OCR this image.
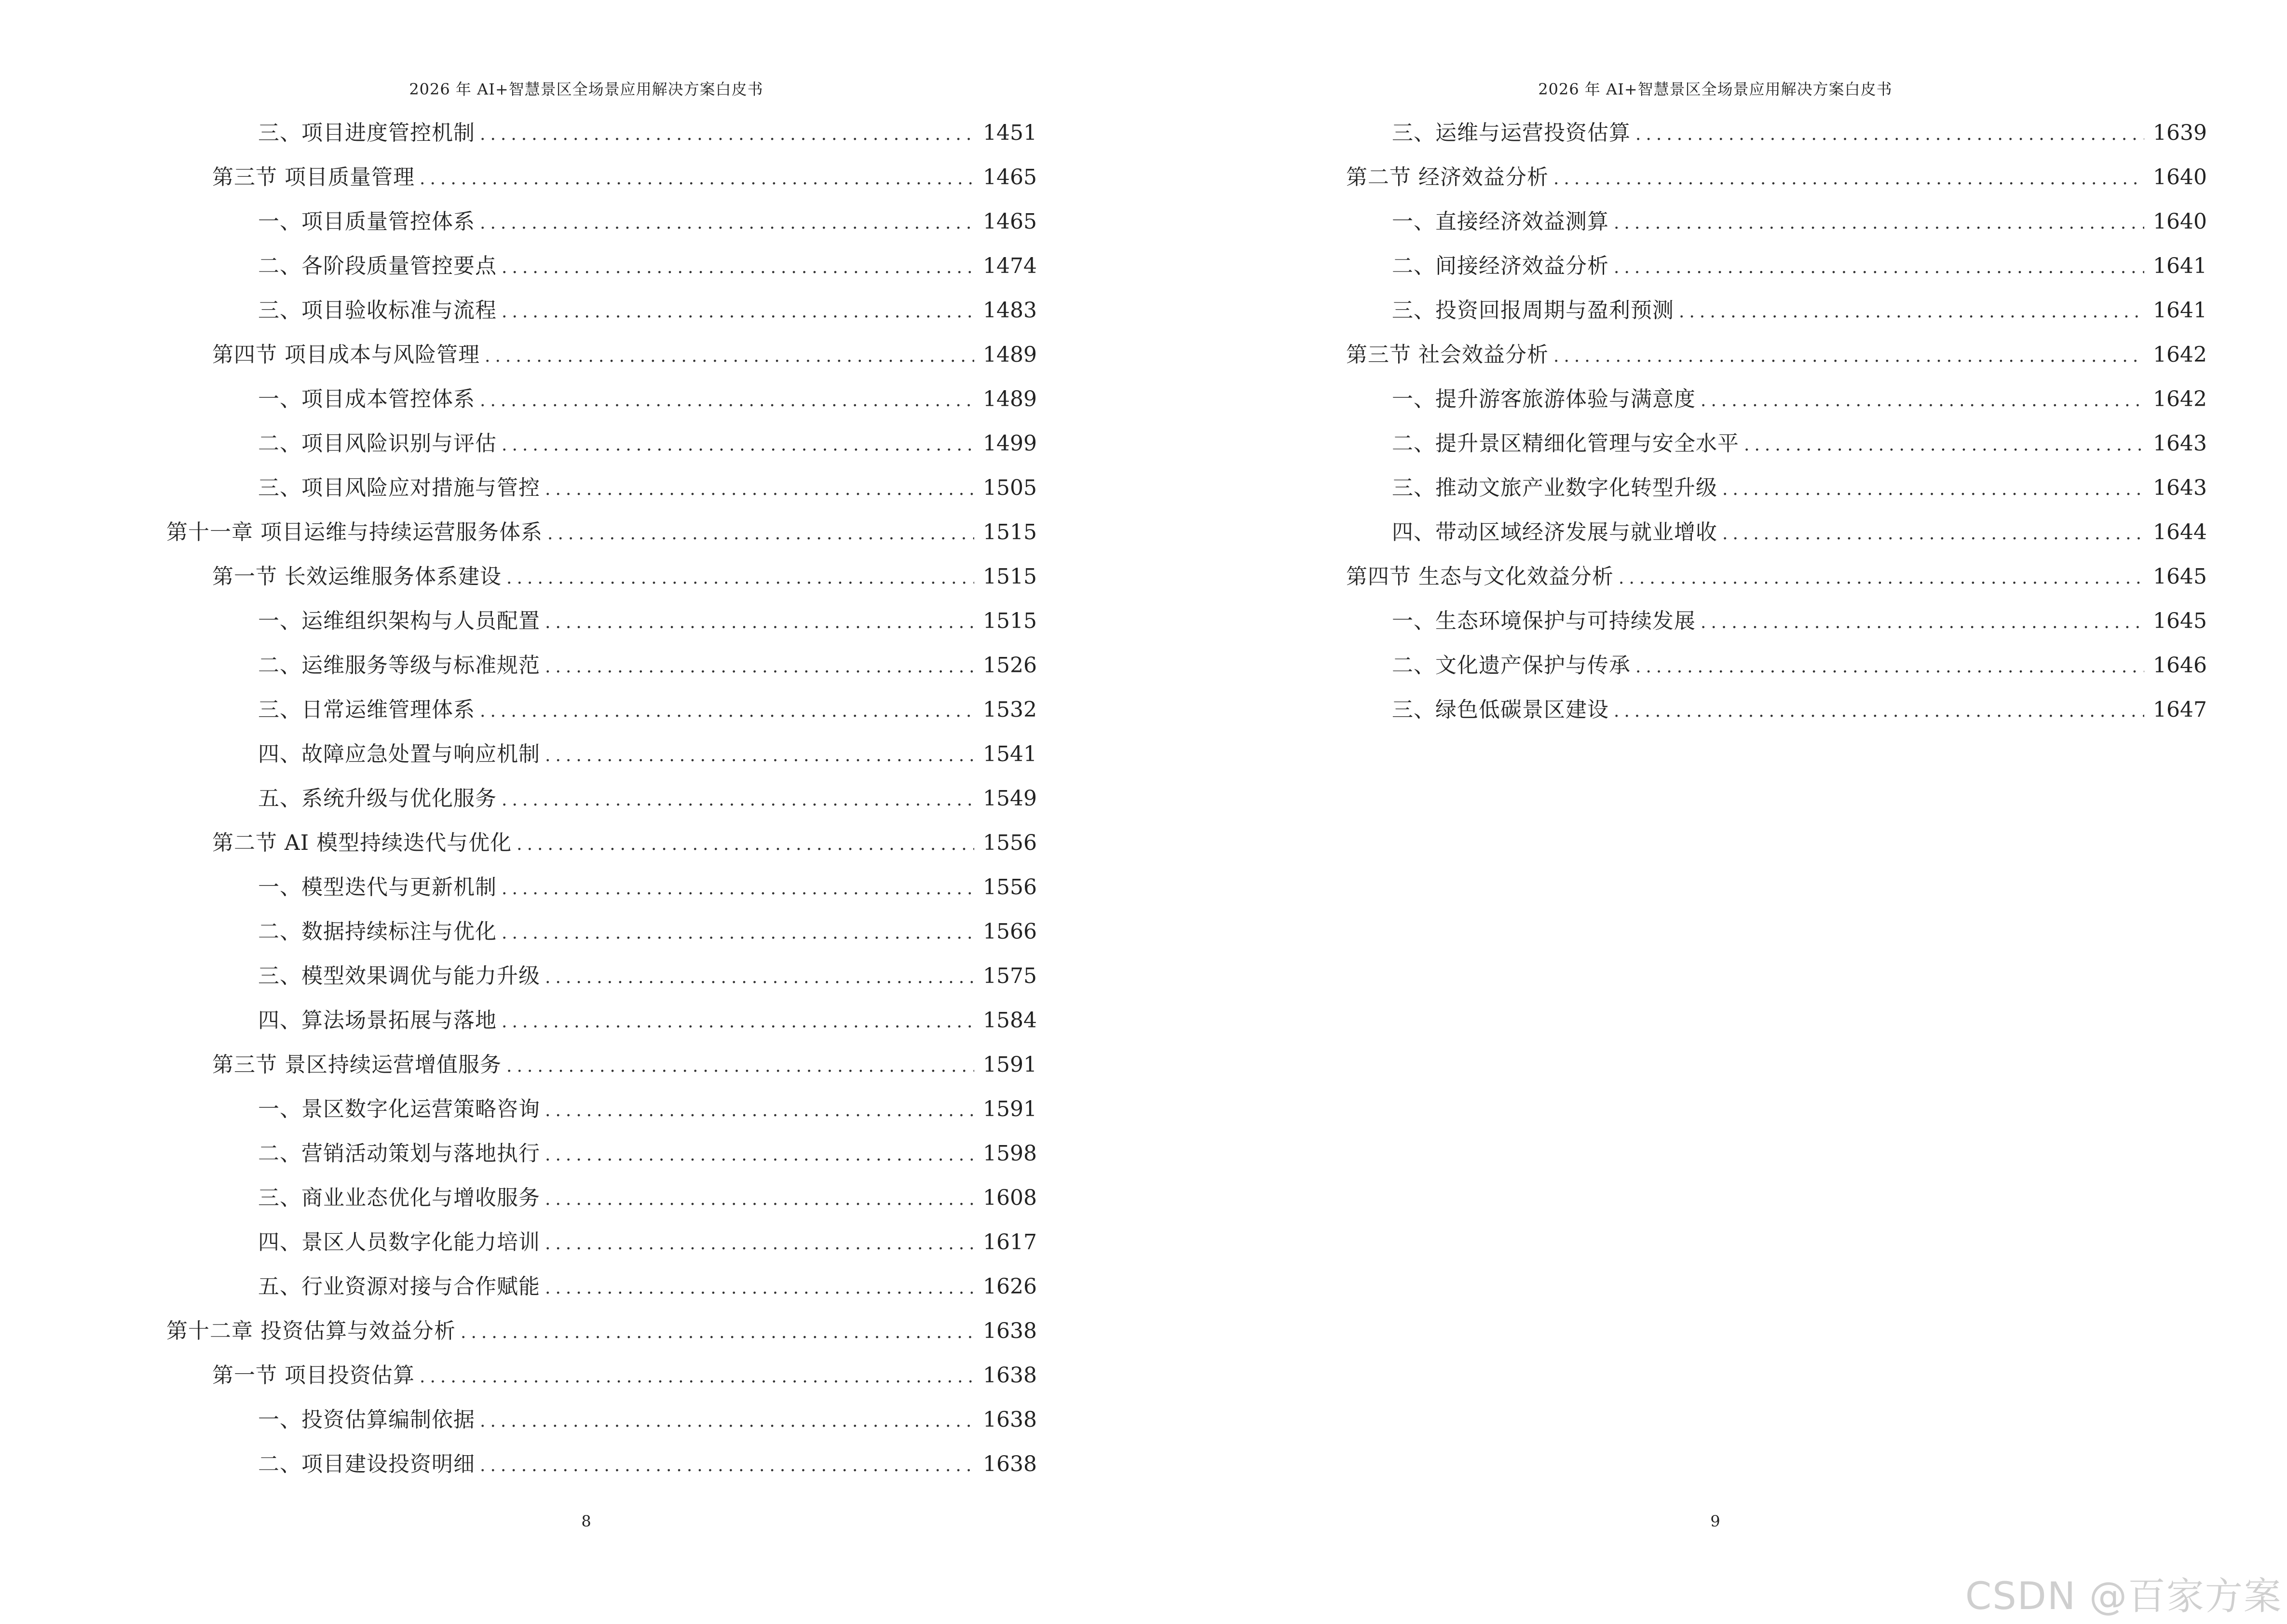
2026 年 AI+智慧景区全场景应用解决方案白皮书
三、项目进度管控机制 .....	1451
第三节 项目质量管理 .....	1465
一、项目质量管控体系 .....	1465
二、各阶段质量管控要点 .....	1474
三、项目验收标准与流程 .....	1483
第四节 项目成本与风险管理 .....	1489
一、项目成本管控体系 .....	1489
二、项目风险识别与评估 .....	1499
三、项目风险应对措施与管控 .....	1505
第十一章 项目运维与持续运营服务体系 .....	1515
第一节 长效运维服务体系建设 .....	1515
一、运维组织架构与人员配置 .....	1515
二、运维服务等级与标准规范 .....	1526
三、日常运维管理体系 .....	1532
四、故障应急处置与响应机制 .....	1541
五、系统升级与优化服务 .....	1549
第二节 AI 模型持续迭代与优化 .....	1556
一、模型迭代与更新机制 .....	1556
二、数据持续标注与优化 .....	1566
三、模型效果调优与能力升级 .....	1575
四、算法场景拓展与落地 .....	1584
第三节 景区持续运营增值服务 .....	1591
一、景区数字化运营策略咨询 .....	1591
二、营销活动策划与落地执行 .....	1598
三、商业业态优化与增收服务 .....	1608
四、景区人员数字化能力培训 .....	1617
五、行业资源对接与合作赋能 .....	1626
第十二章 投资估算与效益分析 .....	1638
第一节 项目投资估算 .....	1638
一、投资估算编制依据 .....	1638
二、项目建设投资明细 .....	1638
8
2026 年 AI+智慧景区全场景应用解决方案白皮书
三、运维与运营投资估算 .....	1639
第二节 经济效益分析 .....	1640
一、直接经济效益测算 .....	1640
二、间接经济效益分析 .....	1641
三、投资回报周期与盈利预测 .....	1641
第三节 社会效益分析 .....	1642
一、提升游客旅游体验与满意度 .....	1642
二、提升景区精细化管理与安全水平 .....	1643
三、推动文旅产业数字化转型升级 .....	1643
四、带动区域经济发展与就业增收 .....	1644
第四节 生态与文化效益分析 .....	1645
一、生态环境保护与可持续发展 .....	1645
二、文化遗产保护与传承 .....	1646
三、绿色低碳景区建设 .....	1647
9
CSDN @百家方案
